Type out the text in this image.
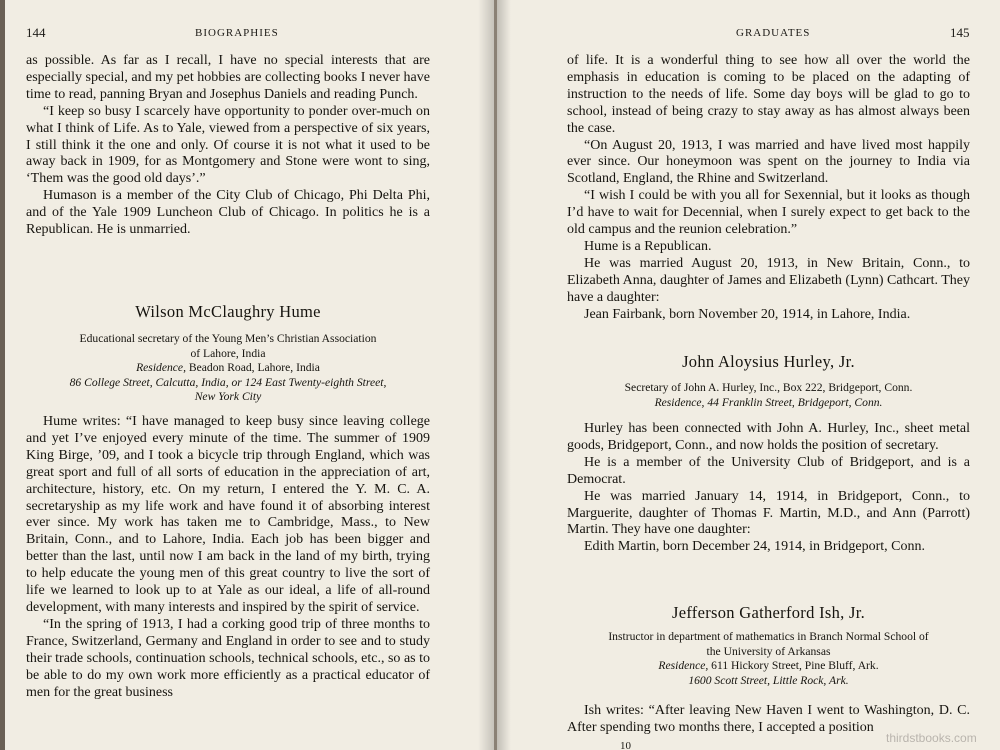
144	BIOGRAPHIES

as possible. As far as I recall, I have no special interests that are especially special, and my pet hobbies are collecting books I never have time to read, panning Bryan and Josephus Daniels and reading Punch.

“I keep so busy I scarcely have opportunity to ponder over-much on what I think of Life. As to Yale, viewed from a perspective of six years, I still think it the one and only. Of course it is not what it used to be away back in 1909, for as Montgomery and Stone were wont to sing, ‘Them was the good old days’.”

Humason is a member of the City Club of Chicago, Phi Delta Phi, and of the Yale 1909 Luncheon Club of Chicago. In politics he is a Republican. He is unmarried.

Wilson McClaughry Hume
Educational secretary of the Young Men’s Christian Association
of Lahore, India
Residence, Beadon Road, Lahore, India
86 College Street, Calcutta, India, or 124 East Twenty-eighth Street,
New York City

Hume writes: “I have managed to keep busy since leaving college and yet I’ve enjoyed every minute of the time. The summer of 1909 King Birge, ’09, and I took a bicycle trip through England, which was great sport and full of all sorts of education in the appreciation of art, architecture, history, etc. On my return, I entered the Y. M. C. A. secretaryship as my life work and have found it of absorbing interest ever since. My work has taken me to Cambridge, Mass., to New Britain, Conn., and to Lahore, India. Each job has been bigger and better than the last, until now I am back in the land of my birth, trying to help educate the young men of this great country to live the sort of life we learned to look up to at Yale as our ideal, a life of all-round development, with many interests and inspired by the spirit of service.

“In the spring of 1913, I had a corking good trip of three months to France, Switzerland, Germany and England in order to see and to study their trade schools, continuation schools, technical schools, etc., so as to be able to do my own work more efficiently as a practical educator of men for the great business

GRADUATES	145

of life. It is a wonderful thing to see how all over the world the emphasis in education is coming to be placed on the adapting of instruction to the needs of life. Some day boys will be glad to go to school, instead of being crazy to stay away as has almost always been the case.

“On August 20, 1913, I was married and have lived most happily ever since. Our honeymoon was spent on the journey to India via Scotland, England, the Rhine and Switzerland.

“I wish I could be with you all for Sexennial, but it looks as though I’d have to wait for Decennial, when I surely expect to get back to the old campus and the reunion celebration.”

Hume is a Republican.

He was married August 20, 1913, in New Britain, Conn., to Elizabeth Anna, daughter of James and Elizabeth (Lynn) Cathcart. They have a daughter:

Jean Fairbank, born November 20, 1914, in Lahore, India.

John Aloysius Hurley, Jr.
Secretary of John A. Hurley, Inc., Box 222, Bridgeport, Conn.
Residence, 44 Franklin Street, Bridgeport, Conn.

Hurley has been connected with John A. Hurley, Inc., sheet metal goods, Bridgeport, Conn., and now holds the position of secretary.

He is a member of the University Club of Bridgeport, and is a Democrat.

He was married January 14, 1914, in Bridgeport, Conn., to Marguerite, daughter of Thomas F. Martin, M.D., and Ann (Parrott) Martin. They have one daughter:

Edith Martin, born December 24, 1914, in Bridgeport, Conn.

Jefferson Gatherford Ish, Jr.
Instructor in department of mathematics in Branch Normal School of
the University of Arkansas
Residence, 611 Hickory Street, Pine Bluff, Ark.
1600 Scott Street, Little Rock, Ark.

Ish writes: “After leaving New Haven I went to Washington, D. C. After spending two months there, I accepted a position

10
thirdstbooks.com
